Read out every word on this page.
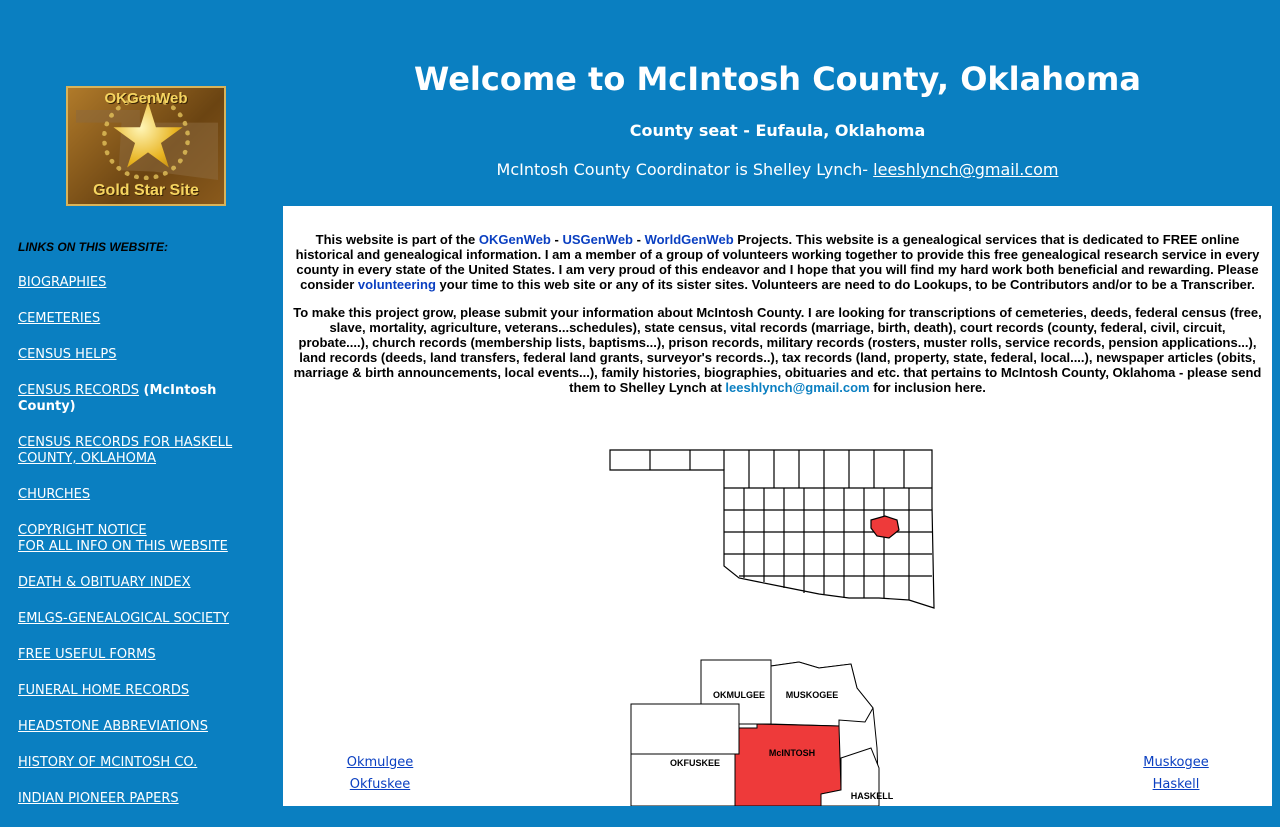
OKGenWeb
Gold Star Site
Welcome to McIntosh County, Oklahoma
County seat - Eufaula, Oklahoma
McIntosh County Coordinator is Shelley Lynch- leeshlynch@gmail.com
LINKS ON THIS WEBSITE:
BIOGRAPHIES
CEMETERIES
CENSUS HELPS
CENSUS RECORDS (McIntosh County)
CENSUS RECORDS FOR HASKELL COUNTY, OKLAHOMA
CHURCHES
COPYRIGHT NOTICE
FOR ALL INFO ON THIS WEBSITE
DEATH & OBITUARY INDEX
EMLGS-GENEALOGICAL SOCIETY
FREE USEFUL FORMS
FUNERAL HOME RECORDS
HEADSTONE ABBREVIATIONS
HISTORY OF MCINTOSH CO.
INDIAN PIONEER PAPERS

This website is part of the OKGenWeb - USGenWeb - WorldGenWeb Projects. This website is a genealogical services that is dedicated to FREE online historical and genealogical information. I am a member of a group of volunteers working together to provide this free genealogical research service in every county in every state of the United States. I am very proud of this endeavor and I hope that you will find my hard work both beneficial and rewarding. Please consider volunteering your time to this web site or any of its sister sites. Volunteers are need to do Lookups, to be Contributors and/or to be a Transcriber.

To make this project grow, please submit your information about McIntosh County. I are looking for transcriptions of cemeteries, deeds, federal census (free, slave, mortality, agriculture, veterans...schedules), state census, vital records (marriage, birth, death), court records (county, federal, civil, circuit, probate....), church records (membership lists, baptisms...), prison records, military records (rosters, muster rolls, service records, pension applications...), land records (deeds, land transfers, federal land grants, surveyor's records..), tax records (land, property, state, federal, local....), newspaper articles (obits, marriage & birth announcements, local events...), family histories, biographies, obituaries and etc. that pertains to McIntosh County, Oklahoma - please send them to Shelley Lynch at leeshlynch@gmail.com for inclusion here.

OKMULGEE MUSKOGEE
OKFUSKEE
McINTOSH
HASKELL
Okmulgee
Okfuskee
Muskogee
Haskell
